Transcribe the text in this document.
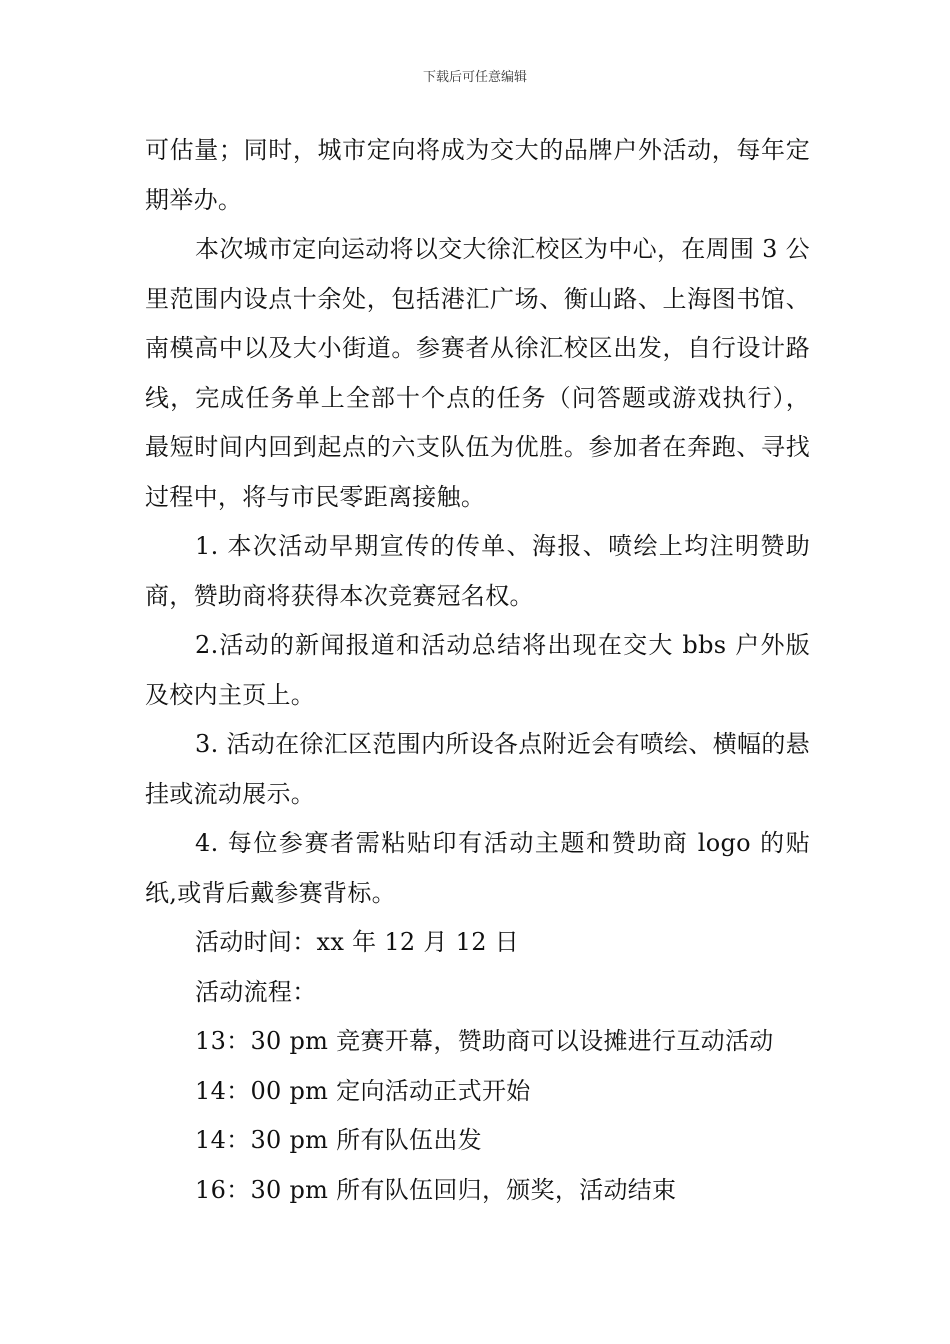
下载后可任意编辑

可估量；同时，城市定向将成为交大的品牌户外活动，每年定期举办。

本次城市定向运动将以交大徐汇校区为中心，在周围 3 公里范围内设点十余处，包括港汇广场、衡山路、上海图书馆、南模高中以及大小街道。参赛者从徐汇校区出发，自行设计路线，完成任务单上全部十个点的任务（问答题或游戏执行），最短时间内回到起点的六支队伍为优胜。参加者在奔跑、寻找过程中，将与市民零距离接触。

1. 本次活动早期宣传的传单、海报、喷绘上均注明赞助商，赞助商将获得本次竞赛冠名权。

2.活动的新闻报道和活动总结将出现在交大 bbs 户外版及校内主页上。

3. 活动在徐汇区范围内所设各点附近会有喷绘、横幅的悬挂或流动展示。

4. 每位参赛者需粘贴印有活动主题和赞助商 logo 的贴纸,或背后戴参赛背标。

活动时间：xx 年 12 月 12 日

活动流程：

13：30 pm 竞赛开幕，赞助商可以设摊进行互动活动

14：00 pm 定向活动正式开始

14：30 pm 所有队伍出发

16：30 pm 所有队伍回归，颁奖，活动结束
